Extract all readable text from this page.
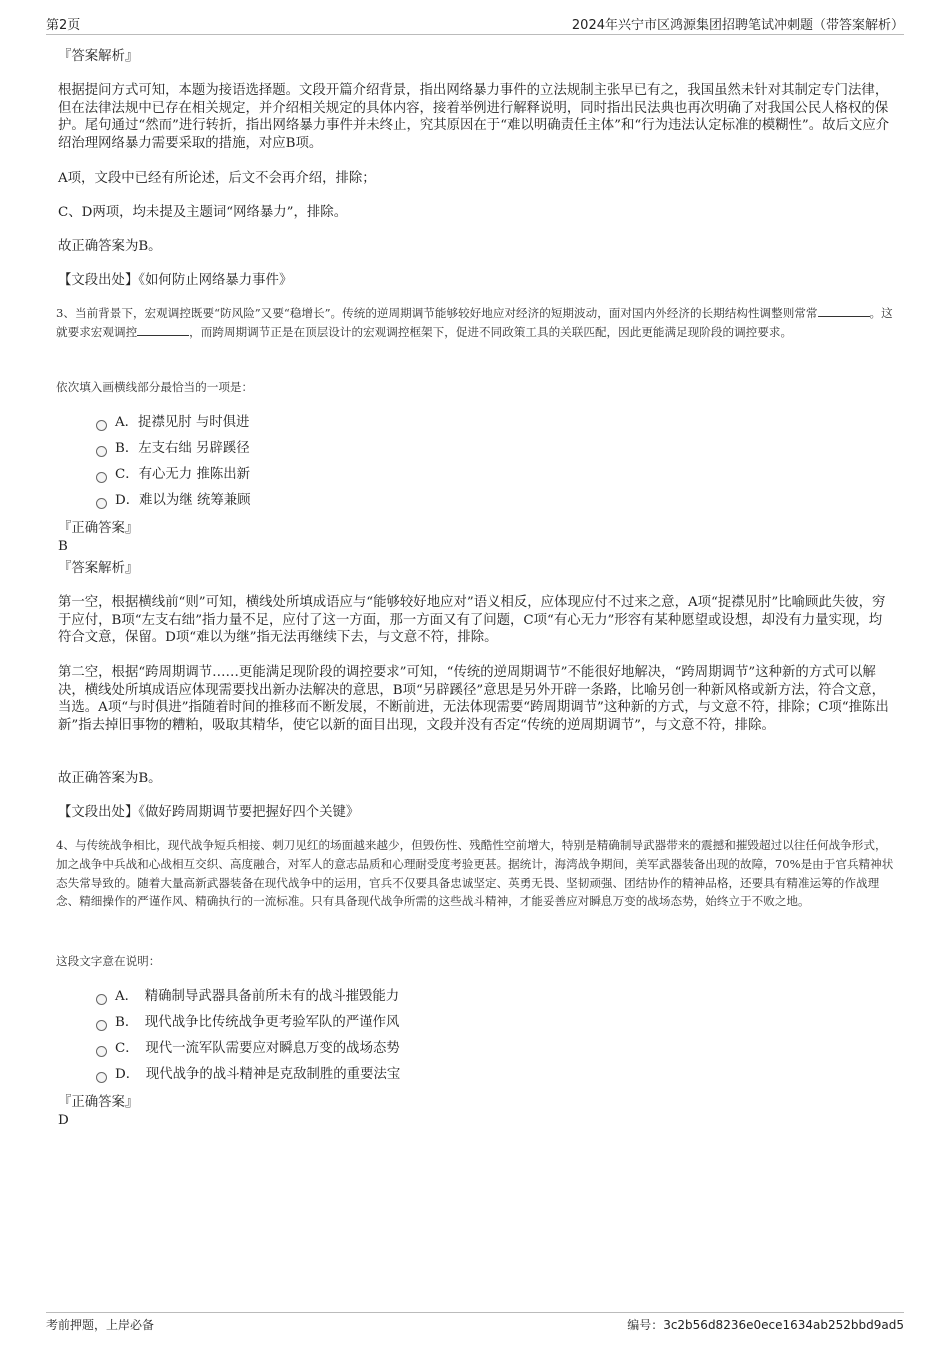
第2页	2024年兴宁市区鸿源集团招聘笔试冲刺题（带答案解析）

『答案解析』

根据提问方式可知，本题为接语选择题。文段开篇介绍背景，指出网络暴力事件的立法规制主张早已有之，我国虽然未针对其制定专门法律，但在法律法规中已存在相关规定，并介绍相关规定的具体内容，接着举例进行解释说明，同时指出民法典也再次明确了对我国公民人格权的保护。尾句通过“然而”进行转折，指出网络暴力事件并未终止，究其原因在于“难以明确责任主体”和“行为违法认定标准的模糊性”。故后文应介绍治理网络暴力需要采取的措施，对应B项。

A项，文段中已经有所论述，后文不会再介绍，排除；

C、D两项，均未提及主题词“网络暴力”，排除。

故正确答案为B。

【文段出处】《如何防止网络暴力事件》

3、当前背景下，宏观调控既要“防风险”又要“稳增长”。传统的逆周期调节能够较好地应对经济的短期波动，面对国内外经济的长期结构性调整则常常	。这就要求宏观调控	，而跨周期调节正是在顶层设计的宏观调控框架下，促进不同政策工具的关联匹配，因此更能满足现阶段的调控要求。

依次填入画横线部分最恰当的一项是：

A．捉襟见肘 与时俱进
B．左支右绌 另辟蹊径
C．有心无力 推陈出新
D．难以为继 统筹兼顾

『正确答案』

B

『答案解析』

第一空，根据横线前“则”可知，横线处所填成语应与“能够较好地应对”语义相反，应体现应付不过来之意，A项“捉襟见肘”比喻顾此失彼，穷于应付，B项“左支右绌”指力量不足，应付了这一方面，那一方面又有了问题，C项“有心无力”形容有某种愿望或设想，却没有力量实现，均符合文意，保留。D项“难以为继”指无法再继续下去，与文意不符，排除。

第二空，根据“跨周期调节……更能满足现阶段的调控要求”可知，“传统的逆周期调节”不能很好地解决，“跨周期调节”这种新的方式可以解决，横线处所填成语应体现需要找出新办法解决的意思，B项“另辟蹊径”意思是另外开辟一条路，比喻另创一种新风格或新方法，符合文意，当选。A项“与时俱进”指随着时间的推移而不断发展，不断前进，无法体现需要“跨周期调节”这种新的方式，与文意不符，排除；C项“推陈出新”指去掉旧事物的糟粕，吸取其精华，使它以新的面目出现，文段并没有否定“传统的逆周期调节”，与文意不符，排除。

故正确答案为B。

【文段出处】《做好跨周期调节要把握好四个关键》

4、与传统战争相比，现代战争短兵相接、刺刀见红的场面越来越少，但毁伤性、残酷性空前增大，特别是精确制导武器带来的震撼和摧毁超过以往任何战争形式，加之战争中兵战和心战相互交织、高度融合，对军人的意志品质和心理耐受度考验更甚。据统计，海湾战争期间，美军武器装备出现的故障，70%是由于官兵精神状态失常导致的。随着大量高新武器装备在现代战争中的运用，官兵不仅要具备忠诚坚定、英勇无畏、坚韧顽强、团结协作的精神品格，还要具有精准运筹的作战理念、精细操作的严谨作风、精确执行的一流标准。只有具备现代战争所需的这些战斗精神，才能妥善应对瞬息万变的战场态势，始终立于不败之地。

这段文字意在说明：

A．　精确制导武器具备前所未有的战斗摧毁能力
B．　现代战争比传统战争更考验军队的严谨作风
C．　现代一流军队需要应对瞬息万变的战场态势
D．　现代战争的战斗精神是克敌制胜的重要法宝

『正确答案』

D

考前押题，上岸必备	编号：3c2b56d8236e0ece1634ab252bbd9ad5
